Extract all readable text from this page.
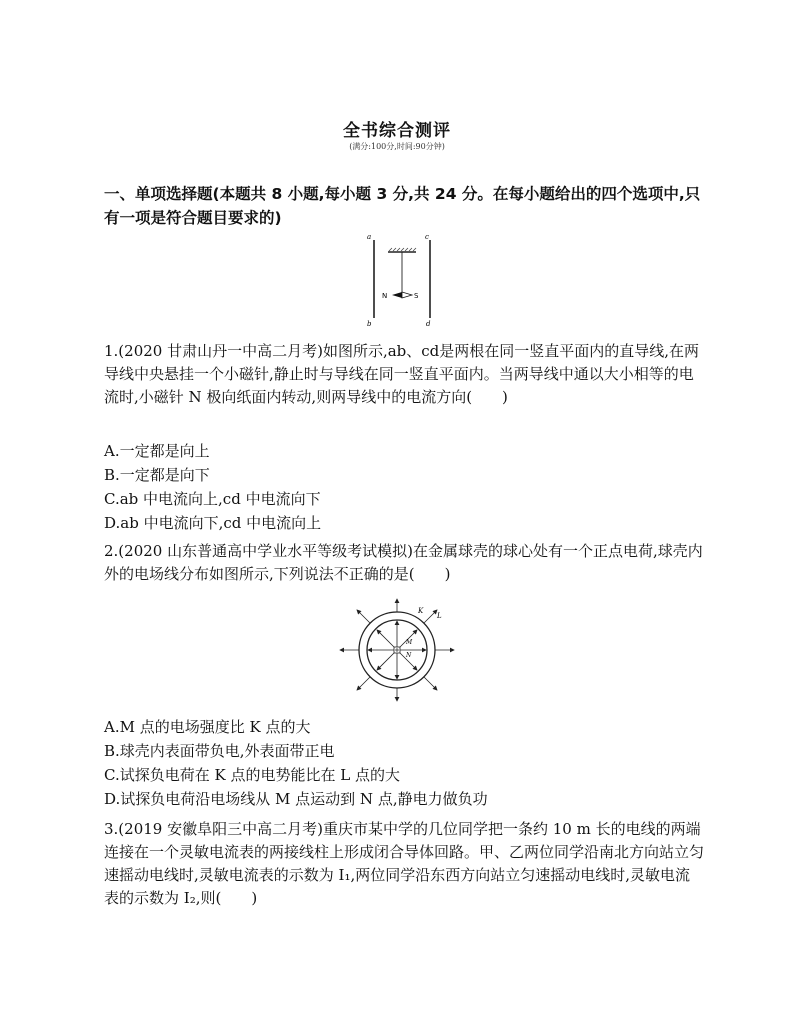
全书综合测评
(满分:100分,时间:90分钟)
一、单项选择题(本题共 8 小题,每小题 3 分,共 24 分。在每小题给出的四个选项中,只有一项是符合题目要求的)
a
b
c
d
N	S
1.(2020 甘肃山丹一中高二月考)如图所示,ab、cd是两根在同一竖直平面内的直导线,在两导线中央悬挂一个小磁针,静止时与导线在同一竖直平面内。当两导线中通以大小相等的电流时,小磁针 N 极向纸面内转动,则两导线中的电流方向(　　)
A.一定都是向上
B.一定都是向下
C.ab 中电流向上,cd 中电流向下
D.ab 中电流向下,cd 中电流向上
2.(2020 山东普通高中学业水平等级考试模拟)在金属球壳的球心处有一个正点电荷,球壳内外的电场线分布如图所示,下列说法不正确的是(　　)
K
L
M
N
A.M 点的电场强度比 K 点的大
B.球壳内表面带负电,外表面带正电
C.试探负电荷在 K 点的电势能比在 L 点的大
D.试探负电荷沿电场线从 M 点运动到 N 点,静电力做负功
3.(2019 安徽阜阳三中高二月考)重庆市某中学的几位同学把一条约 10 m 长的电线的两端连接在一个灵敏电流表的两接线柱上形成闭合导体回路。甲、乙两位同学沿南北方向站立匀速摇动电线时,灵敏电流表的示数为 I₁,两位同学沿东西方向站立匀速摇动电线时,灵敏电流表的示数为 I₂,则(　　)
